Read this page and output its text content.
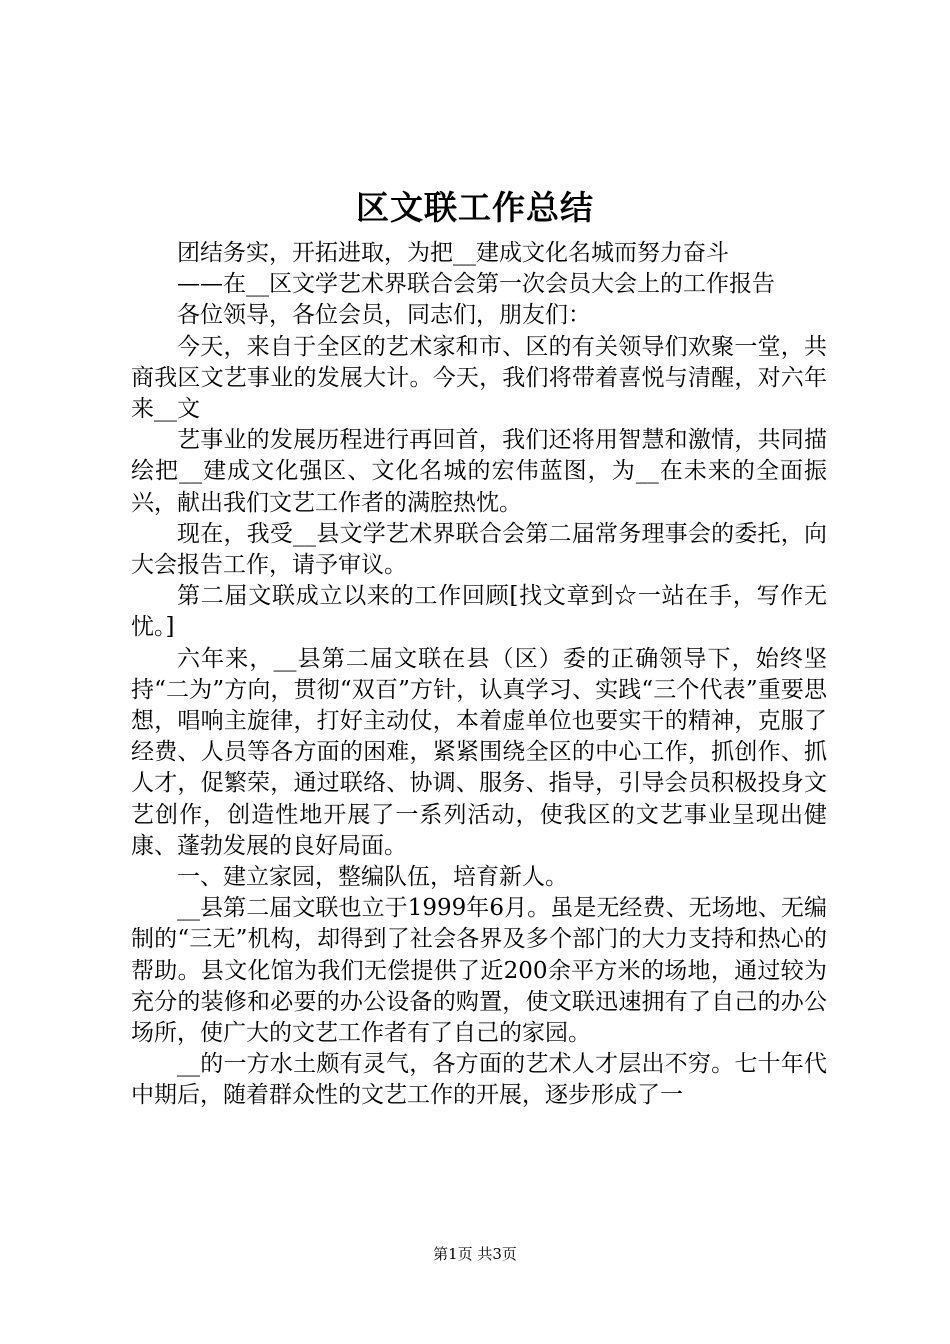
区文联工作总结

团结务实，开拓进取，为把__建成文化名城而努力奋斗

——在__区文学艺术界联合会第一次会员大会上的工作报告

各位领导，各位会员，同志们，朋友们：

今天，来自于全区的艺术家和市、区的有关领导们欢聚一堂，共商我区文艺事业的发展大计。今天，我们将带着喜悦与清醒，对六年来__文

艺事业的发展历程进行再回首，我们还将用智慧和激情，共同描绘把__建成文化强区、文化名城的宏伟蓝图，为__在未来的全面振兴，献出我们文艺工作者的满腔热忱。

现在，我受__县文学艺术界联合会第二届常务理事会的委托，向大会报告工作，请予审议。

第二届文联成立以来的工作回顾[找文章到☆一站在手，写作无忧。]

六年来，__县第二届文联在县（区）委的正确领导下，始终坚持“二为”方向，贯彻“双百”方针，认真学习、实践“三个代表”重要思想，唱响主旋律，打好主动仗，本着虚单位也要实干的精神，克服了经费、人员等各方面的困难，紧紧围绕全区的中心工作，抓创作、抓人才，促繁荣，通过联络、协调、服务、指导，引导会员积极投身文艺创作，创造性地开展了一系列活动，使我区的文艺事业呈现出健康、蓬勃发展的良好局面。

一、建立家园，整编队伍，培育新人。

__县第二届文联也立于1999年6月。虽是无经费、无场地、无编制的“三无”机构，却得到了社会各界及多个部门的大力支持和热心的帮助。县文化馆为我们无偿提供了近200余平方米的场地，通过较为充分的装修和必要的办公设备的购置，使文联迅速拥有了自己的办公场所，使广大的文艺工作者有了自己的家园。

__的一方水土颇有灵气，各方面的艺术人才层出不穷。七十年代中期后，随着群众性的文艺工作的开展，逐步形成了一

第1页 共3页
